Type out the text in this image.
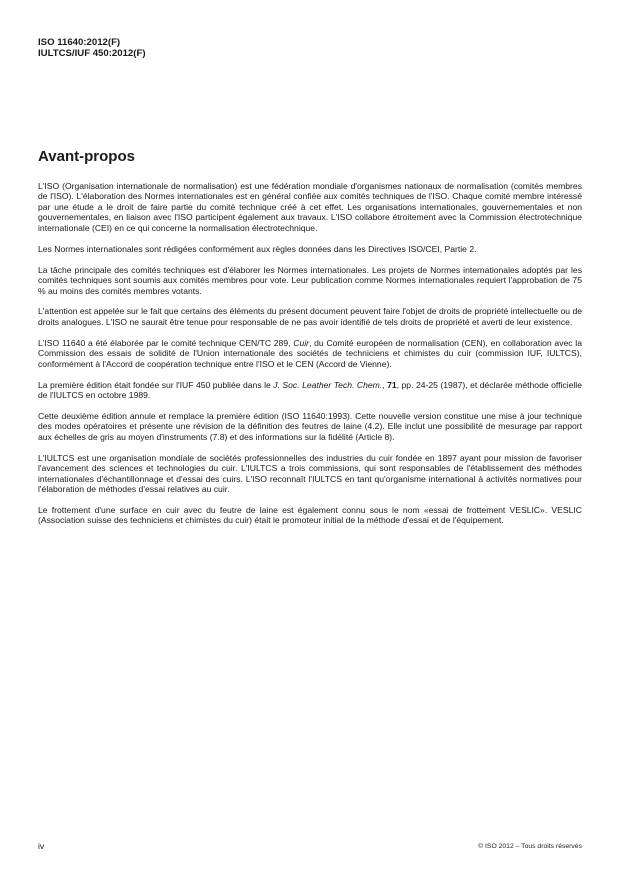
ISO 11640:2012(F)
IULTCS/IUF 450:2012(F)
Avant-propos

L'ISO (Organisation internationale de normalisation) est une fédération mondiale d'organismes nationaux de normalisation (comités membres de l'ISO). L'élaboration des Normes internationales est en général confiée aux comités techniques de l'ISO. Chaque comité membre intéressé par une étude a le droit de faire partie du comité technique créé à cet effet. Les organisations internationales, gouvernementales et non gouvernementales, en liaison avec l'ISO participent également aux travaux. L'ISO collabore étroitement avec la Commission électrotechnique internationale (CEI) en ce qui concerne la normalisation électrotechnique.

Les Normes internationales sont rédigées conformément aux règles données dans les Directives ISO/CEI, Partie 2.

La tâche principale des comités techniques est d'élaborer les Normes internationales. Les projets de Normes internationales adoptés par les comités techniques sont soumis aux comités membres pour vote. Leur publication comme Normes internationales requiert l'approbation de 75 % au moins des comités membres votants.

L'attention est appelée sur le fait que certains des éléments du présent document peuvent faire l'objet de droits de propriété intellectuelle ou de droits analogues. L'ISO ne saurait être tenue pour responsable de ne pas avoir identifié de tels droits de propriété et averti de leur existence.

L'ISO 11640 a été élaborée par le comité technique CEN/TC 289, Cuir, du Comité européen de normalisation (CEN), en collaboration avec la Commission des essais de solidité de l'Union internationale des sociétés de techniciens et chimistes du cuir (commission IUF, IULTCS), conformément à l'Accord de coopération technique entre l'ISO et le CEN (Accord de Vienne).

La première édition était fondée sur l'IUF 450 publiée dans le J. Soc. Leather Tech. Chem., 71, pp. 24-25 (1987), et déclarée méthode officielle de l'IULTCS en octobre 1989.

Cette deuxième édition annule et remplace la première édition (ISO 11640:1993). Cette nouvelle version constitue une mise à jour technique des modes opératoires et présente une révision de la définition des feutres de laine (4.2). Elle inclut une possibilité de mesurage par rapport aux échelles de gris au moyen d'instruments (7.8) et des informations sur la fidélité (Article 8).

L'IULTCS est une organisation mondiale de sociétés professionnelles des industries du cuir fondée en 1897 ayant pour mission de favoriser l'avancement des sciences et technologies du cuir. L'IULTCS a trois commissions, qui sont responsables de l'établissement des méthodes internationales d'échantillonnage et d'essai des cuirs. L'ISO reconnaît l'IULTCS en tant qu'organisme international à activités normatives pour l'élaboration de méthodes d'essai relatives au cuir.

Le frottement d'une surface en cuir avec du feutre de laine est également connu sous le nom «essai de frottement VESLIC». VESLIC (Association suisse des techniciens et chimistes du cuir) était le promoteur initial de la méthode d'essai et de l'équipement.

iv	© ISO 2012 – Tous droits réservés
